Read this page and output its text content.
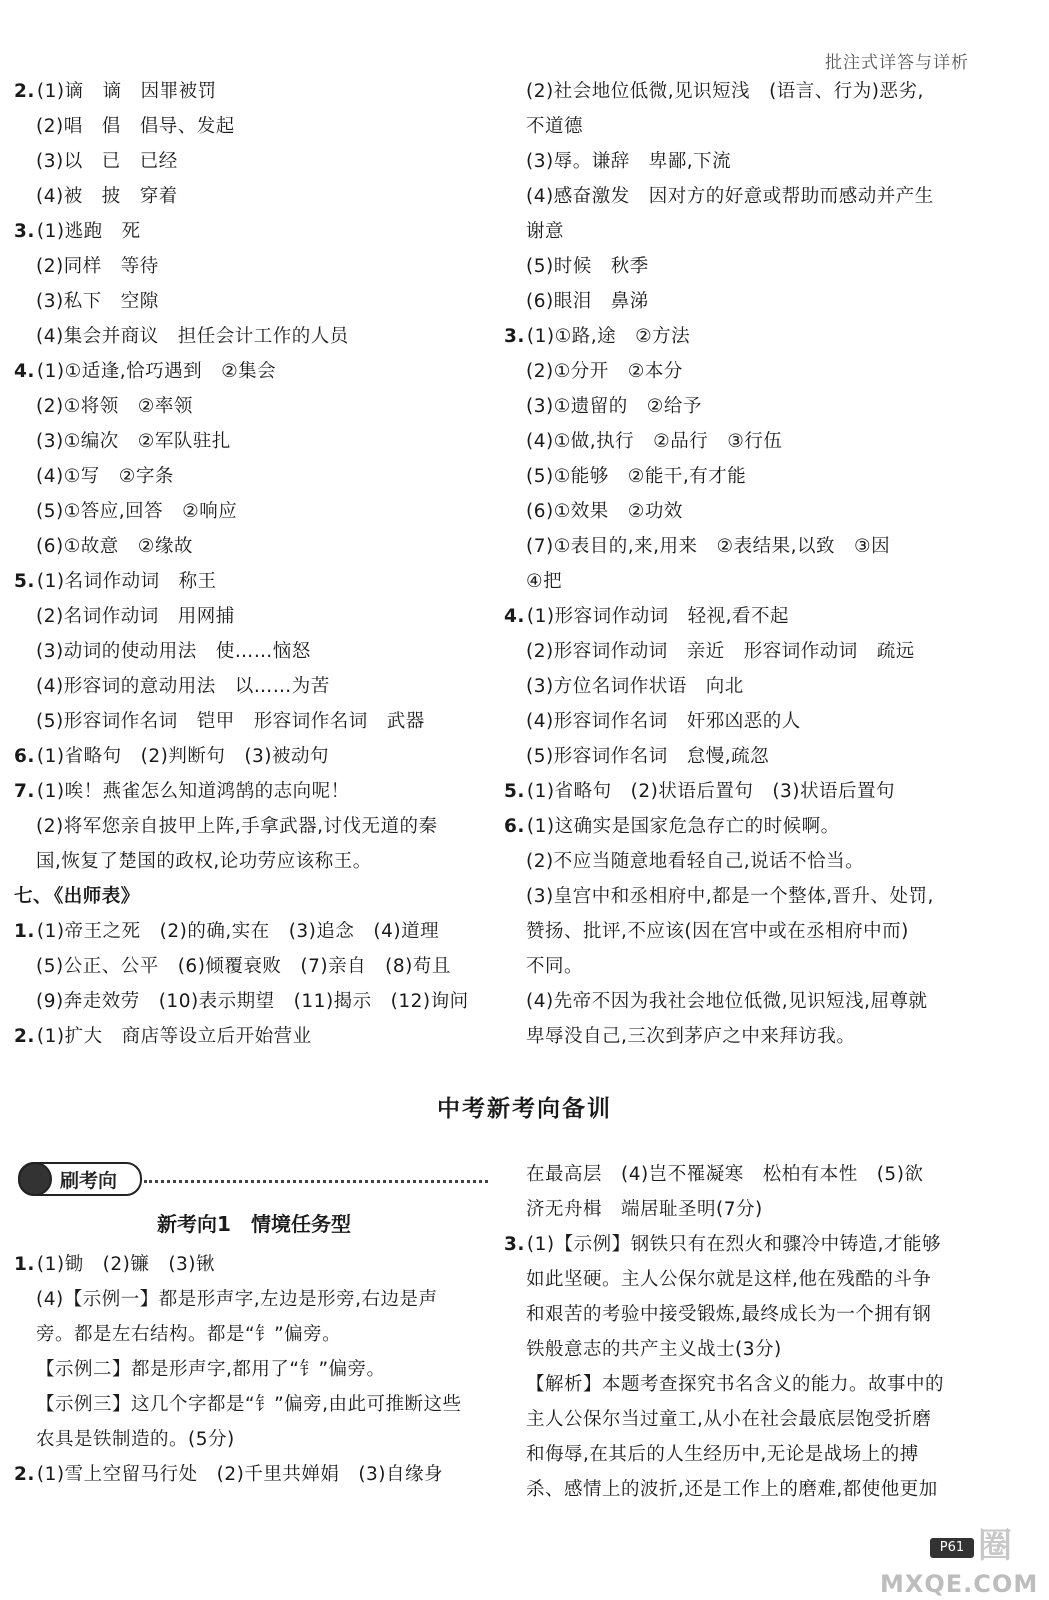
批注式详答与详析
2. (1)谪　谪　因罪被罚
(2)唱　倡　倡导、发起
(3)以　已　已经
(4)被　披　穿着
3. (1)逃跑　死
(2)同样　等待
(3)私下　空隙
(4)集会并商议　担任会计工作的人员
4. (1)①适逢,恰巧遇到　②集会
(2)①将领　②率领
(3)①编次　②军队驻扎
(4)①写　②字条
(5)①答应,回答　②响应
(6)①故意　②缘故
5. (1)名词作动词　称王
(2)名词作动词　用网捕
(3)动词的使动用法　使……恼怒
(4)形容词的意动用法　以……为苦
(5)形容词作名词　铠甲　形容词作名词　武器
6. (1)省略句　(2)判断句　(3)被动句
7. (1)唉！燕雀怎么知道鸿鹄的志向呢！
(2)将军您亲自披甲上阵,手拿武器,讨伐无道的秦
国,恢复了楚国的政权,论功劳应该称王。
七、 《出师表》
1. (1)帝王之死　(2)的确,实在　(3)追念　(4)道理
(5)公正、公平　(6)倾覆衰败　(7)亲自　(8)苟且
(9)奔走效劳　(10)表示期望　(11)揭示　(12)询问
2. (1)扩大　商店等设立后开始营业
(2)社会地位低微,见识短浅　(语言、行为)恶劣,
不道德
(3)辱。谦辞　卑鄙,下流
(4)感奋激发　因对方的好意或帮助而感动并产生
谢意
(5)时候　秋季
(6)眼泪　鼻涕
3. (1)①路,途　②方法
(2)①分开　②本分
(3)①遗留的　②给予
(4)①做,执行　②品行　③行伍
(5)①能够　②能干,有才能
(6)①效果　②功效
(7)①表目的,来,用来　②表结果,以致　③因
④把
4. (1)形容词作动词　轻视,看不起
(2)形容词作动词　亲近　形容词作动词　疏远
(3)方位名词作状语　向北
(4)形容词作名词　奸邪凶恶的人
(5)形容词作名词　怠慢,疏忽
5. (1)省略句　(2)状语后置句　(3)状语后置句
6. (1)这确实是国家危急存亡的时候啊。
(2)不应当随意地看轻自己,说话不恰当。
(3)皇宫中和丞相府中,都是一个整体,晋升、处罚,
赞扬、批评,不应该(因在宫中或在丞相府中而)
不同。
(4)先帝不因为我社会地位低微,见识短浅,屈尊就
卑辱没自己,三次到茅庐之中来拜访我。
中考新考向备训
刷考向
新考向1　情境任务型
1. (1)锄　(2)镰　(3)锹
(4)【示例一】都是形声字,左边是形旁,右边是声
旁。都是左右结构。都是“钅”偏旁。
【示例二】都是形声字,都用了“钅”偏旁。
【示例三】这几个字都是“钅”偏旁,由此可推断这些
农具是铁制造的。(5分)
2. (1)雪上空留马行处　(2)千里共婵娟　(3)自缘身
在最高层　(4)岂不罹凝寒　松柏有本性　(5)欲
济无舟楫　端居耻圣明(7分)
3. (1)【示例】钢铁只有在烈火和骤冷中铸造,才能够
如此坚硬。主人公保尔就是这样,他在残酷的斗争
和艰苦的考验中接受锻炼,最终成长为一个拥有钢
铁般意志的共产主义战士(3分)
【解析】本题考查探究书名含义的能力。故事中的
主人公保尔当过童工,从小在社会最底层饱受折磨
和侮辱,在其后的人生经历中,无论是战场上的搏
杀、感情上的波折,还是工作上的磨难,都使他更加
P61 圈
MXQE.COM
